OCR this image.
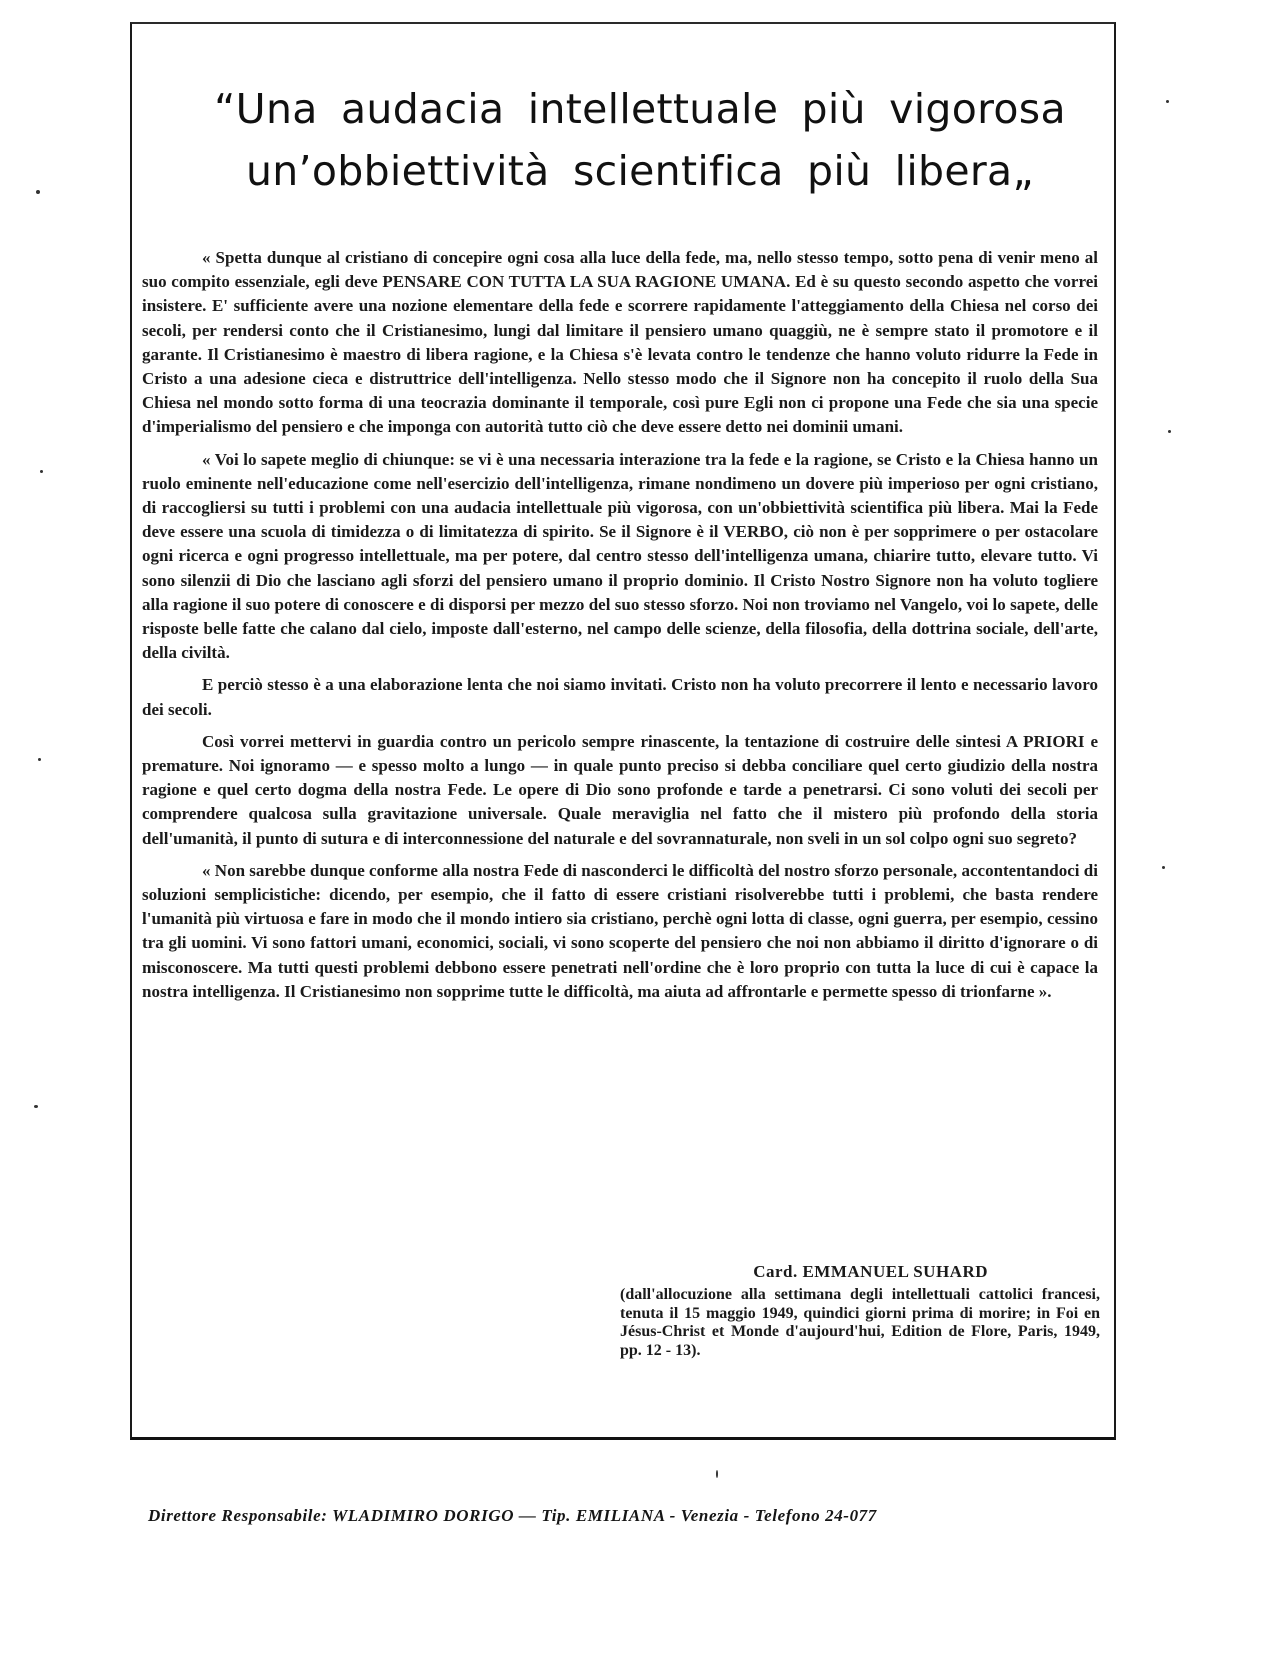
“Una audacia intellettuale più vigorosa
un’obbiettività scientifica più libera„

« Spetta dunque al cristiano di concepire ogni cosa alla luce della fede, ma, nello stesso tempo, sotto pena di venir meno al suo compito essenziale, egli deve PENSARE CON TUTTA LA SUA RAGIONE UMANA. Ed è su questo secondo aspetto che vorrei insistere. E' sufficiente avere una nozione elementare della fede e scorrere rapidamente l'atteggiamento della Chiesa nel corso dei secoli, per rendersi conto che il Cristianesimo, lungi dal limitare il pensiero umano quaggiù, ne è sempre stato il promotore e il garante. Il Cristianesimo è maestro di libera ragione, e la Chiesa s'è levata contro le tendenze che hanno voluto ridurre la Fede in Cristo a una adesione cieca e distruttrice dell'intelligenza. Nello stesso modo che il Signore non ha concepito il ruolo della Sua Chiesa nel mondo sotto forma di una teocrazia dominante il temporale, così pure Egli non ci propone una Fede che sia una specie d'imperialismo del pensiero e che imponga con autorità tutto ciò che deve essere detto nei dominii umani.

« Voi lo sapete meglio di chiunque: se vi è una necessaria interazione tra la fede e la ragione, se Cristo e la Chiesa hanno un ruolo eminente nell'educazione come nell'esercizio dell'intelligenza, rimane nondimeno un dovere più imperioso per ogni cristiano, di raccogliersi su tutti i problemi con una audacia intellettuale più vigorosa, con un'obbiettività scientifica più libera. Mai la Fede deve essere una scuola di timidezza o di limitatezza di spirito. Se il Signore è il VERBO, ciò non è per sopprimere o per ostacolare ogni ricerca e ogni progresso intellettuale, ma per potere, dal centro stesso dell'intelligenza umana, chiarire tutto, elevare tutto. Vi sono silenzii di Dio che lasciano agli sforzi del pensiero umano il proprio dominio. Il Cristo Nostro Signore non ha voluto togliere alla ragione il suo potere di conoscere e di disporsi per mezzo del suo stesso sforzo. Noi non troviamo nel Vangelo, voi lo sapete, delle risposte belle fatte che calano dal cielo, imposte dall'esterno, nel campo delle scienze, della filosofia, della dottrina sociale, dell'arte, della civiltà.

E perciò stesso è a una elaborazione lenta che noi siamo invitati. Cristo non ha voluto precorrere il lento e necessario lavoro dei secoli.

Così vorrei mettervi in guardia contro un pericolo sempre rinascente, la tentazione di costruire delle sintesi A PRIORI e premature. Noi ignoramo — e spesso molto a lungo — in quale punto preciso si debba conciliare quel certo giudizio della nostra ragione e quel certo dogma della nostra Fede. Le opere di Dio sono profonde e tarde a penetrarsi. Ci sono voluti dei secoli per comprendere qualcosa sulla gravitazione universale. Quale meraviglia nel fatto che il mistero più profondo della storia dell'umanità, il punto di sutura e di interconnessione del naturale e del sovrannaturale, non sveli in un sol colpo ogni suo segreto?

« Non sarebbe dunque conforme alla nostra Fede di nasconderci le difficoltà del nostro sforzo personale, accontentandoci di soluzioni semplicistiche: dicendo, per esempio, che il fatto di essere cristiani risolverebbe tutti i problemi, che basta rendere l'umanità più virtuosa e fare in modo che il mondo intiero sia cristiano, perchè ogni lotta di classe, ogni guerra, per esempio, cessino tra gli uomini. Vi sono fattori umani, economici, sociali, vi sono scoperte del pensiero che noi non abbiamo il diritto d'ignorare o di misconoscere. Ma tutti questi problemi debbono essere penetrati nell'ordine che è loro proprio con tutta la luce di cui è capace la nostra intelligenza. Il Cristianesimo non sopprime tutte le difficoltà, ma aiuta ad affrontarle e permette spesso di trionfarne ».

Card. EMMANUEL SUHARD
(dall'allocuzione alla settimana degli intellettuali cattolici francesi, tenuta il 15 maggio 1949, quindici giorni prima di morire; in Foi en Jésus-Christ et Monde d'aujourd'hui, Edition de Flore, Paris, 1949, pp. 12 - 13).
Direttore Responsabile: WLADIMIRO DORIGO — Tip. EMILIANA - Venezia - Telefono 24-077
